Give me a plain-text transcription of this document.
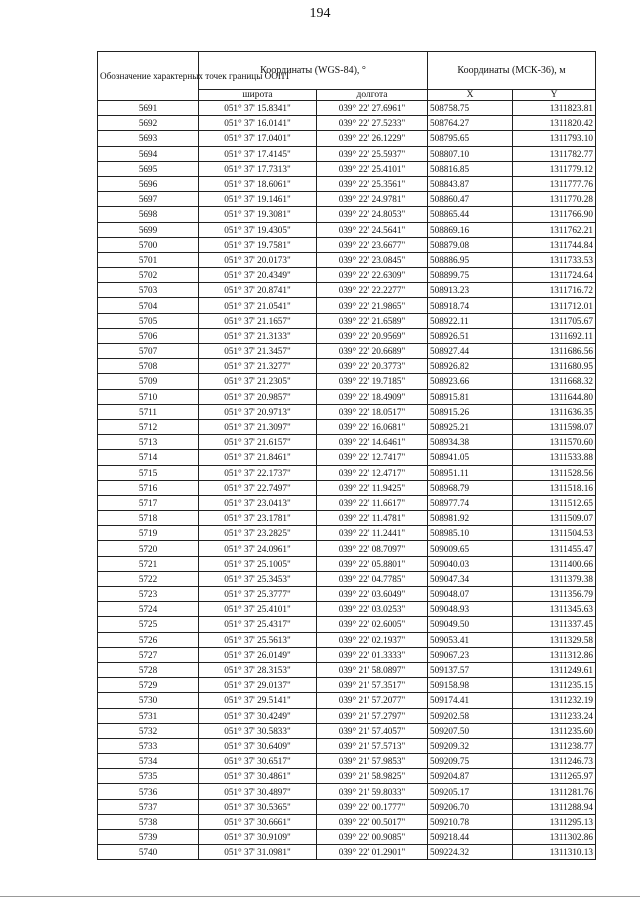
194
Обозначение характерных точек границы ООПТ	Координаты (WGS-84), °		Координаты (МСК-36), м	
	широта	долгота	X	Y
5691	051° 37' 15.8341"	039° 22' 27.6961"	508758.75	1311823.81
5692	051° 37' 16.0141"	039° 22' 27.5233"	508764.27	1311820.42
5693	051° 37' 17.0401"	039° 22' 26.1229"	508795.65	1311793.10
5694	051° 37' 17.4145"	039° 22' 25.5937"	508807.10	1311782.77
5695	051° 37' 17.7313"	039° 22' 25.4101"	508816.85	1311779.12
5696	051° 37' 18.6061"	039° 22' 25.3561"	508843.87	1311777.76
5697	051° 37' 19.1461"	039° 22' 24.9781"	508860.47	1311770.28
5698	051° 37' 19.3081"	039° 22' 24.8053"	508865.44	1311766.90
5699	051° 37' 19.4305"	039° 22' 24.5641"	508869.16	1311762.21
5700	051° 37' 19.7581"	039° 22' 23.6677"	508879.08	1311744.84
5701	051° 37' 20.0173"	039° 22' 23.0845"	508886.95	1311733.53
5702	051° 37' 20.4349"	039° 22' 22.6309"	508899.75	1311724.64
5703	051° 37' 20.8741"	039° 22' 22.2277"	508913.23	1311716.72
5704	051° 37' 21.0541"	039° 22' 21.9865"	508918.74	1311712.01
5705	051° 37' 21.1657"	039° 22' 21.6589"	508922.11	1311705.67
5706	051° 37' 21.3133"	039° 22' 20.9569"	508926.51	1311692.11
5707	051° 37' 21.3457"	039° 22' 20.6689"	508927.44	1311686.56
5708	051° 37' 21.3277"	039° 22' 20.3773"	508926.82	1311680.95
5709	051° 37' 21.2305"	039° 22' 19.7185"	508923.66	1311668.32
5710	051° 37' 20.9857"	039° 22' 18.4909"	508915.81	1311644.80
5711	051° 37' 20.9713"	039° 22' 18.0517"	508915.26	1311636.35
5712	051° 37' 21.3097"	039° 22' 16.0681"	508925.21	1311598.07
5713	051° 37' 21.6157"	039° 22' 14.6461"	508934.38	1311570.60
5714	051° 37' 21.8461"	039° 22' 12.7417"	508941.05	1311533.88
5715	051° 37' 22.1737"	039° 22' 12.4717"	508951.11	1311528.56
5716	051° 37' 22.7497"	039° 22' 11.9425"	508968.79	1311518.16
5717	051° 37' 23.0413"	039° 22' 11.6617"	508977.74	1311512.65
5718	051° 37' 23.1781"	039° 22' 11.4781"	508981.92	1311509.07
5719	051° 37' 23.2825"	039° 22' 11.2441"	508985.10	1311504.53
5720	051° 37' 24.0961"	039° 22' 08.7097"	509009.65	1311455.47
5721	051° 37' 25.1005"	039° 22' 05.8801"	509040.03	1311400.66
5722	051° 37' 25.3453"	039° 22' 04.7785"	509047.34	1311379.38
5723	051° 37' 25.3777"	039° 22' 03.6049"	509048.07	1311356.79
5724	051° 37' 25.4101"	039° 22' 03.0253"	509048.93	1311345.63
5725	051° 37' 25.4317"	039° 22' 02.6005"	509049.50	1311337.45
5726	051° 37' 25.5613"	039° 22' 02.1937"	509053.41	1311329.58
5727	051° 37' 26.0149"	039° 22' 01.3333"	509067.23	1311312.86
5728	051° 37' 28.3153"	039° 21' 58.0897"	509137.57	1311249.61
5729	051° 37' 29.0137"	039° 21' 57.3517"	509158.98	1311235.15
5730	051° 37' 29.5141"	039° 21' 57.2077"	509174.41	1311232.19
5731	051° 37' 30.4249"	039° 21' 57.2797"	509202.58	1311233.24
5732	051° 37' 30.5833"	039° 21' 57.4057"	509207.50	1311235.60
5733	051° 37' 30.6409"	039° 21' 57.5713"	509209.32	1311238.77
5734	051° 37' 30.6517"	039° 21' 57.9853"	509209.75	1311246.73
5735	051° 37' 30.4861"	039° 21' 58.9825"	509204.87	1311265.97
5736	051° 37' 30.4897"	039° 21' 59.8033"	509205.17	1311281.76
5737	051° 37' 30.5365"	039° 22' 00.1777"	509206.70	1311288.94
5738	051° 37' 30.6661"	039° 22' 00.5017"	509210.78	1311295.13
5739	051° 37' 30.9109"	039° 22' 00.9085"	509218.44	1311302.86
5740	051° 37' 31.0981"	039° 22' 01.2901"	509224.32	1311310.13
